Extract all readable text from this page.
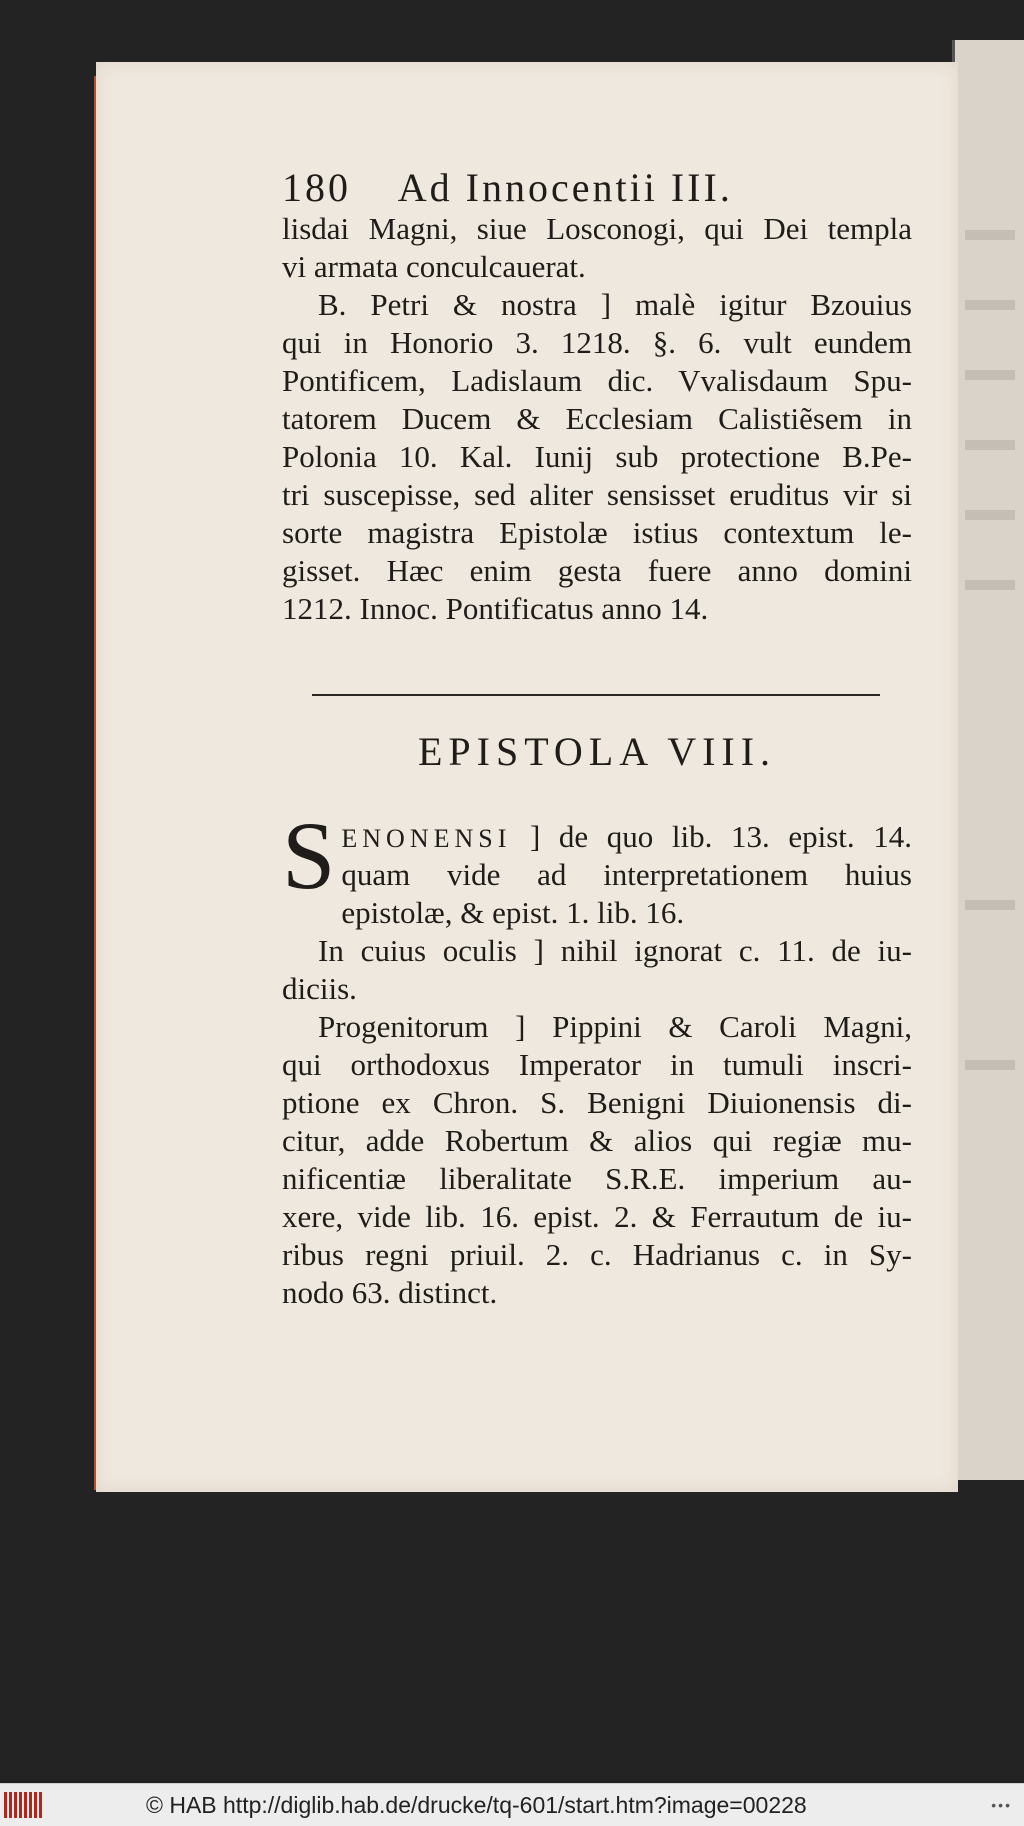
180 Ad Innocentii III.
lisdai Magni, siue Losconogi, qui Dei templa
vi armata conculcauerat.
B. Petri & nostra ] malè igitur Bzouius
qui in Honorio 3. 1218. §. 6. vult eundem
Pontificem, Ladislaum dic. Vvalisdaum Spu-
tatorem Ducem & Ecclesiam Calistiẽsem in
Polonia 10. Kal. Iunij sub protectione B.Pe-
tri suscepisse, sed aliter sensisset eruditus vir si
sorte magistra Epistolæ istius contextum le-
gisset. Hæc enim gesta fuere anno domini
1212. Innoc. Pontificatus anno 14.
EPISTOLA VIII.
S ENONENSI ] de quo lib. 13. epist. 14.
quam vide ad interpretationem huius
epistolæ, & epist. 1. lib. 16.
In cuius oculis ] nihil ignorat c. 11. de iu-
diciis.
Progenitorum ] Pippini & Caroli Magni,
qui orthodoxus Imperator in tumuli inscri-
ptione ex Chron. S. Benigni Diuionensis di-
citur, adde Robertum & alios qui regiæ mu-
nificentiæ liberalitate S.R.E. imperium au-
xere, vide lib. 16. epist. 2. & Ferrautum de iu-
ribus regni priuil. 2. c. Hadrianus c. in Sy-
nodo 63. distinct.
© HAB http://diglib.hab.de/drucke/tq-601/start.htm?image=00228	•••
